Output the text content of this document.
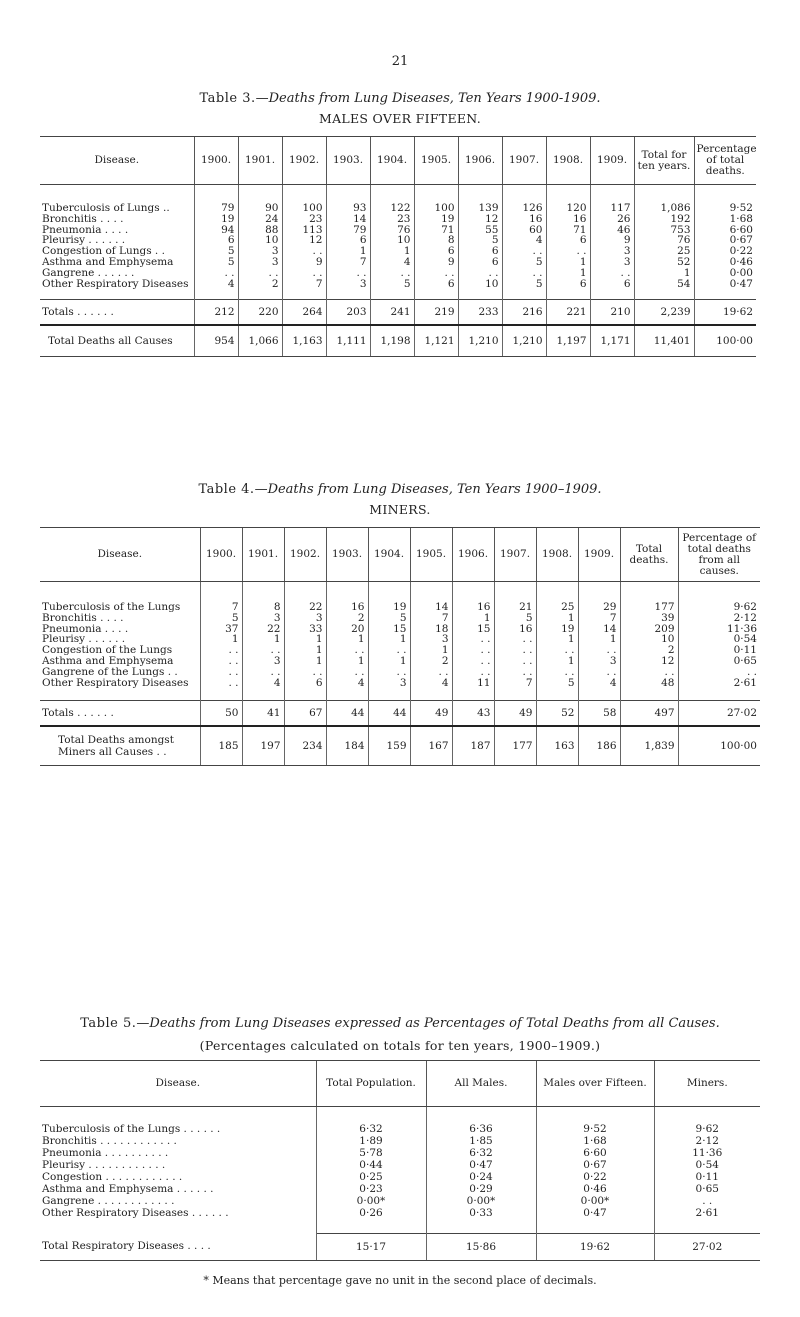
21
Table 3.—Deaths from Lung Diseases, Ten Years 1900-1909.
MALES OVER FIFTEEN.
Disease.	1900.	1901.	1902.	1903.	1904.	1905.	1906.	1907.	1908.	1909.	Total for ten years.	Percentage of total deaths.

Tuberculosis of Lungs ..	79	90	100	93	122	100	139	126	120	117	1,086	9·52
Bronchitis . . . .	19	24	23	14	23	19	12	16	16	26	192	1·68
Pneumonia . . . .	94	88	113	79	76	71	55	60	71	46	753	6·60
Pleurisy . . . . . .	6	10	12	6	10	8	5	4	6	9	76	0·67
Congestion of Lungs . .	5	3	. .	1	1	6	6	. .	. .	3	25	0·22
Asthma and Emphysema	5	3	9	7	4	9	6	5	1	3	52	0·46
Gangrene . . . . . .	. .	. .	. .	. .	. .	. .	. .	. .	1	. .	1	0·00
Other Respiratory Diseases	4	2	7	3	5	6	10	5	6	6	54	0·47

Totals . . . . . .	212	220	264	203	241	219	233	216	221	210	2,239	19·62
Total Deaths all Causes	954	1,066	1,163	1,111	1,198	1,121	1,210	1,210	1,197	1,171	11,401	100·00
Table 4.—Deaths from Lung Diseases, Ten Years 1900–1909.
MINERS.
Disease.	1900.	1901.	1902.	1903.	1904.	1905.	1906.	1907.	1908.	1909.	Total deaths.	Percentage of total deaths from all causes.

Tuberculosis of the Lungs	7	8	22	16	19	14	16	21	25	29	177	9·62
Bronchitis . . . .	5	3	3	2	5	7	1	5	1	7	39	2·12
Pneumonia . . . .	37	22	33	20	15	18	15	16	19	14	209	11·36
Pleurisy . . . . . .	1	1	1	1	1	3	. .	. .	1	1	10	0·54
Congestion of the Lungs	. .	. .	1	. .	. .	1	. .	. .	. .	. .	2	0·11
Asthma and Emphysema	. .	3	1	1	1	2	. .	. .	1	3	12	0·65
Gangrene of the Lungs . .	. .	. .	. .	. .	. .	. .	. .	. .	. .	. .	. .	. .
Other Respiratory Diseases	. .	4	6	4	3	4	11	7	5	4	48	2·61

Totals . . . . . .	50	41	67	44	44	49	43	49	52	58	497	27·02

Total Deaths amongst
Miners all Causes . .	185	197	234	184	159	167	187	177	163	186	1,839	100·00
Table 5.—Deaths from Lung Diseases expressed as Percentages of Total Deaths from all Causes.
(Percentages calculated on totals for ten years, 1900–1909.)
Disease.	Total Population.	All Males.	Males over Fifteen.	Miners.

Tuberculosis of the Lungs . . . . . .	6·32	6·36	9·52	9·62
Bronchitis . . . . . . . . . . . .	1·89	1·85	1·68	2·12
Pneumonia . . . . . . . . . .	5·78	6·32	6·60	11·36
Pleurisy . . . . . . . . . . . .	0·44	0·47	0·67	0·54
Congestion . . . . . . . . . . . .	0·25	0·24	0·22	0·11
Asthma and Emphysema . . . . . .	0·23	0·29	0·46	0·65
Gangrene . . . . . . . . . . . .	0·00*	0·00*	0·00*	. .
Other Respiratory Diseases . . . . . .	0·26	0·33	0·47	2·61

Total Respiratory Diseases . . . .	15·17	15·86	19·62	27·02
* Means that percentage gave no unit in the second place of decimals.
